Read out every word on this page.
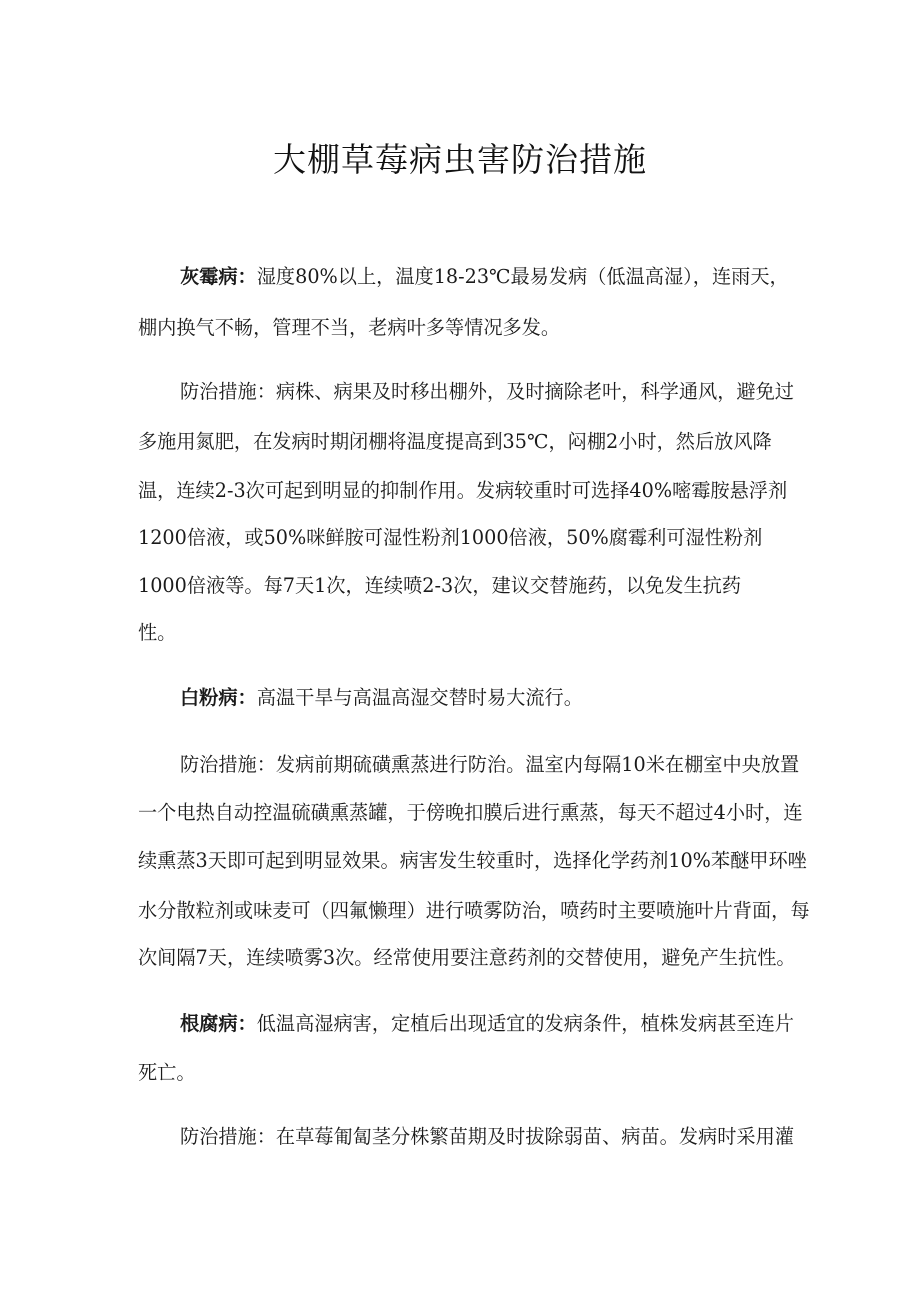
大棚草莓病虫害防治措施

灰霉病：湿度80%以上，温度18-23℃最易发病（低温高湿），连雨天，

棚内换气不畅，管理不当，老病叶多等情况多发。

防治措施：病株、病果及时移出棚外，及时摘除老叶，科学通风，避免过

多施用氮肥，在发病时期闭棚将温度提高到35℃，闷棚2小时，然后放风降

温，连续2-3次可起到明显的抑制作用。发病较重时可选择40%嘧霉胺悬浮剂

1200倍液，或50%咪鲜胺可湿性粉剂1000倍液，50%腐霉利可湿性粉剂

1000倍液等。每7天1次，连续喷2-3次，建议交替施药，以免发生抗药

性。

白粉病：高温干旱与高温高湿交替时易大流行。

防治措施：发病前期硫磺熏蒸进行防治。温室内每隔10米在棚室中央放置

一个电热自动控温硫磺熏蒸罐，于傍晚扣膜后进行熏蒸，每天不超过4小时，连

续熏蒸3天即可起到明显效果。病害发生较重时，选择化学药剂10%苯醚甲环唑

水分散粒剂或味麦可（四氟懒理）进行喷雾防治，喷药时主要喷施叶片背面，每

次间隔7天，连续喷雾3次。经常使用要注意药剂的交替使用，避免产生抗性。

根腐病：低温高湿病害，定植后出现适宜的发病条件，植株发病甚至连片

死亡。

防治措施：在草莓匍匐茎分株繁苗期及时拔除弱苗、病苗。发病时采用灌
